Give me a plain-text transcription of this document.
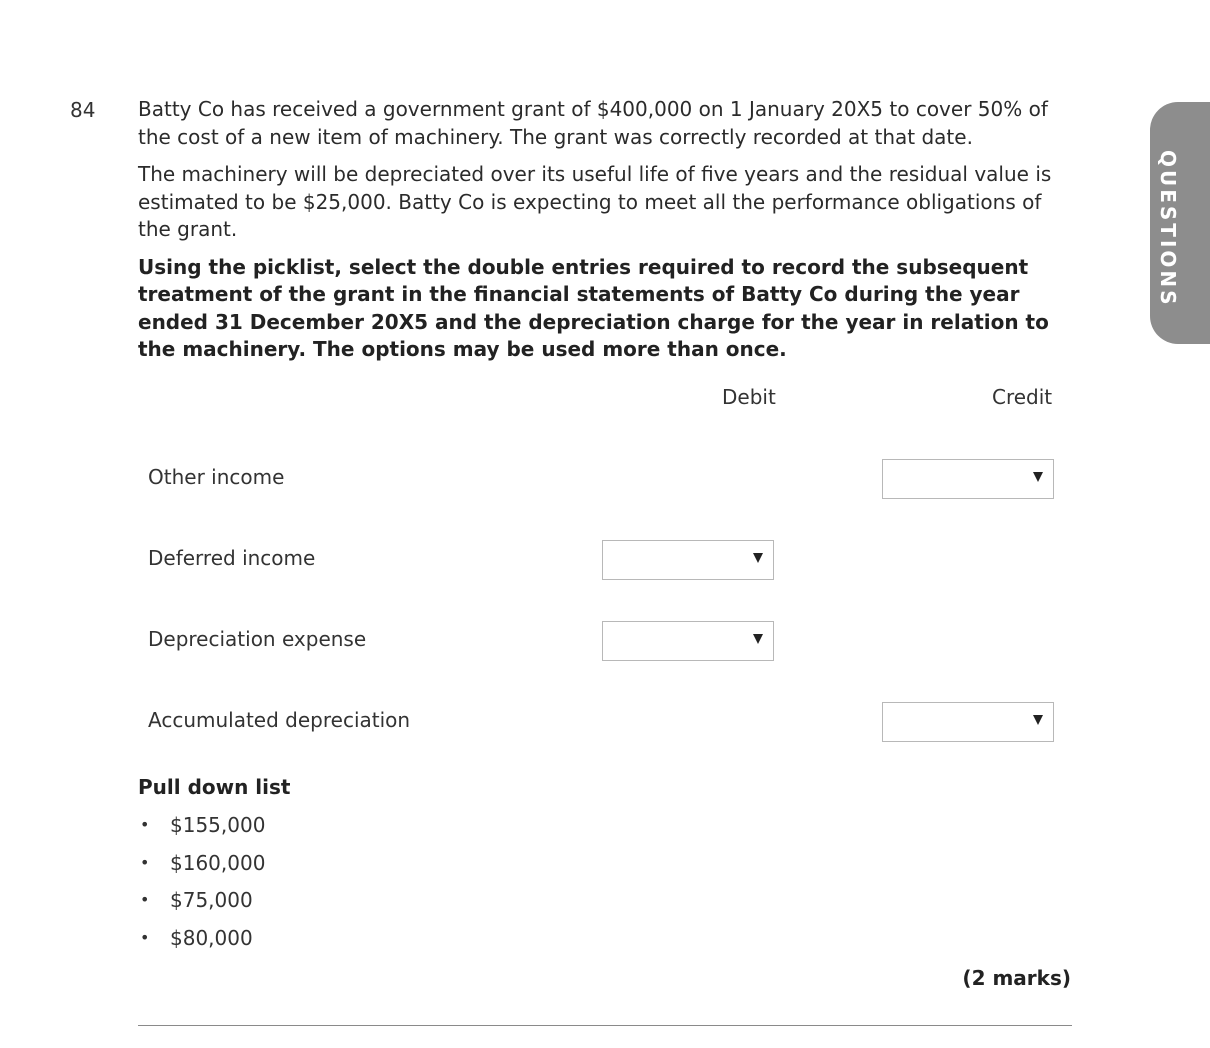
84 Batty Co has received a government grant of $400,000 on 1 January 20X5 to cover 50% of the cost of a new item of machinery. The grant was correctly recorded at that date.

The machinery will be depreciated over its useful life of five years and the residual value is estimated to be $25,000. Batty Co is expecting to meet all the performance obligations of the grant.

Using the picklist, select the double entries required to record the subsequent treatment of the grant in the financial statements of Batty Co during the year ended 31 December 20X5 and the depreciation charge for the year in relation to the machinery. The options may be used more than once.

Debit	Credit
Other income
Deferred income
Depreciation expense
Accumulated depreciation
Pull down list
• $155,000
• $160,000
• $75,000
• $80,000
(2 marks)
QUESTIONS
